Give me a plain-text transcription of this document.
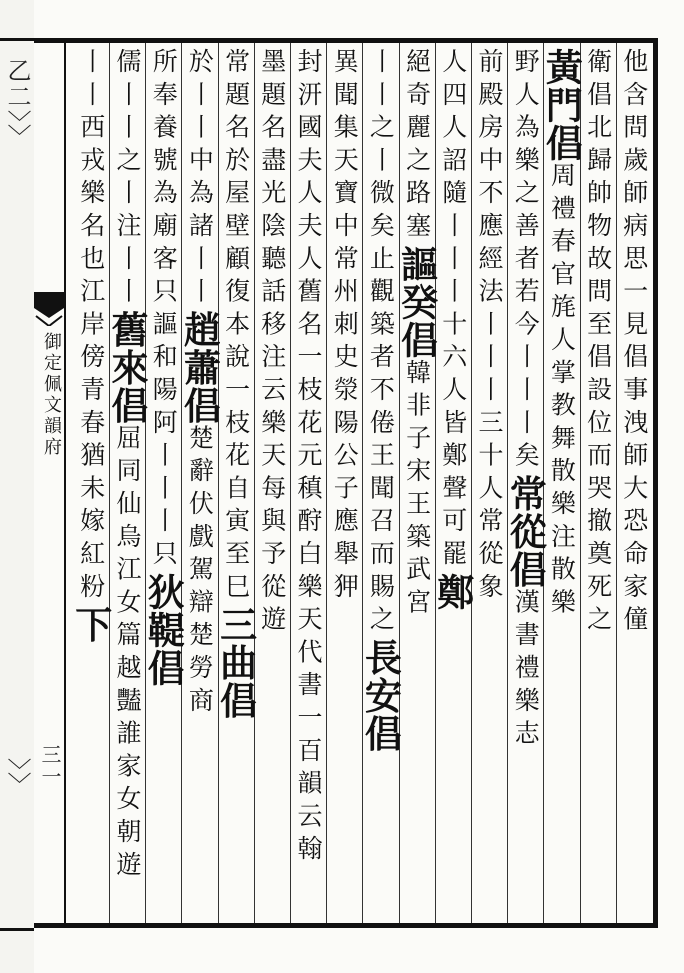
乙二〉〉
〉〉
御定佩文韻府
三一
他含問歲師病思一見倡事洩師大恐命家僮
衛倡北歸帥物故問至倡設位而哭撤奠死之
黃門倡周禮春官旄人掌教舞散樂注散樂
野人為樂之善者若今丨丨丨矣常從倡漢書禮樂志
前殿房中不應經法丨丨丨三十人常從象
人四人詔隨丨丨丨十六人皆鄭聲可罷鄭
絕奇麗之路塞謳癸倡韓非子宋王築武宮
丨丨之丨微矣止觀築者不倦王聞召而賜之長安倡
異聞集天寶中常州刺史滎陽公子應舉狎
封汧國夫人夫人舊名一枝花元稹酧白樂天代書一百韻云翰
墨題名盡光陰聽話移注云樂天每與予從遊
常題名於屋壁顧復本說一枝花自寅至巳三曲倡
於丨丨中為諸丨丨趙蕭倡楚辭伏戲駕辯楚勞商
所奉養號為廟客只謳和陽阿丨丨丨只狄鞮倡
儒丨丨之丨注丨丨舊來倡屈同仙烏江女篇越豔誰家女朝遊
丨丨西戎樂名也江岸傍青春猶未嫁紅粉下
